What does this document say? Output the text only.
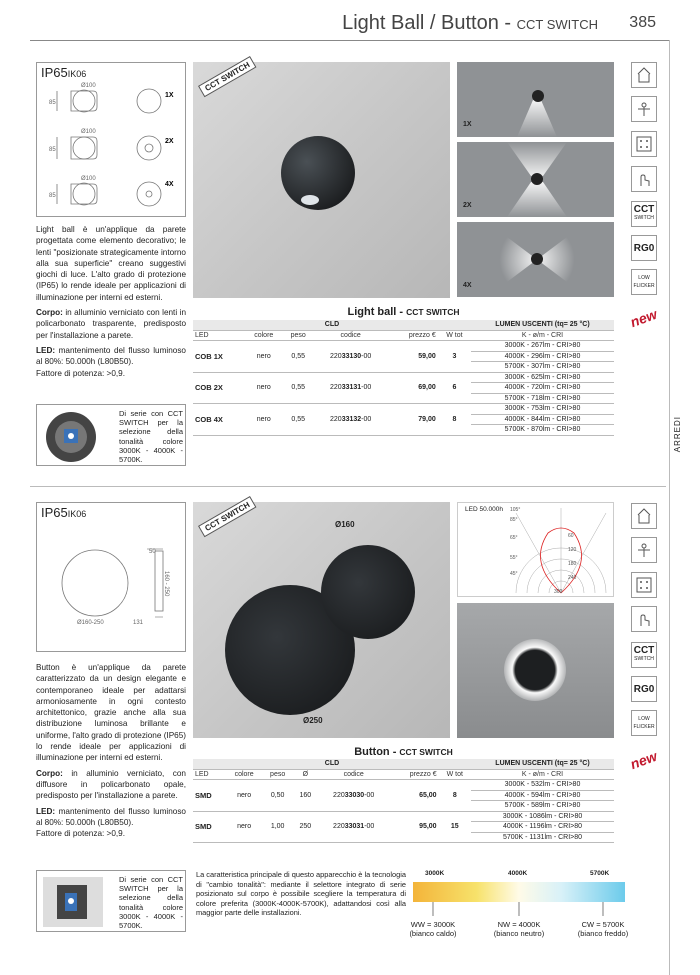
Light Ball / Button - CCT SWITCH 385
ARREDI
CCT
SWITCH
RG0
LOW
FLICKER
new
CCT
SWITCH
RG0
LOW
FLICKER
new
IP65IK06
Ø100
Ø100
Ø100
85
85
85
1X
2X
4X
Light ball è un'applique da parete progettata come elemento decorativo; le lenti "posizionate strategicamente intorno alla sua superficie" creano suggestivi giochi di luce. L'alto grado di protezione (IP65) lo rende ideale per applicazioni di illuminazione per interni ed esterni.
Corpo: in alluminio verniciato con lenti in policarbonato trasparente, predisposto per l'installazione a parete.
LED: mantenimento del flusso luminoso al 80%: 50.000h (L80B50).
Fattore di potenza: >0,9.
Di serie con CCT SWITCH per la selezione della tonalità colore 3000K - 4000K - 5700K.
CCT SWITCH
1X
2X
4X
Light ball - CCT SWITCH
CLD						LUMEN USCENTI (tq= 25 °C)
LED	colore	peso	codice	prezzo €	W tot	K - ø/m - CRI
COB 1X	nero	0,55	22033130-00	59,00	3	3000K - 267lm - CRI>80
						4000K - 296lm - CRI>80
						5700K - 307lm - CRI>80
COB 2X	nero	0,55	22033131-00	69,00	6	3000K - 625lm - CRI>80
						4000K - 720lm - CRI>80
						5700K - 718lm - CRI>80
COB 4X	nero	0,55	22033132-00	79,00	8	3000K - 753lm - CRI>80
						4000K - 844lm - CRI>80
						5700K - 870lm - CRI>80
IP65IK06
50
160 - 250
Ø160-250	131
Button è un'applique da parete caratterizzato da un design elegante e contemporaneo ideale per adattarsi armoniosamente in ogni contesto architettonico, grazie anche alla sua distribuzione luminosa brillante e uniforme, l'alto grado di protezione (IP65) lo rende ideale per applicazioni di illuminazione per interni ed esterni.
Corpo: in alluminio verniciato, con diffusore in policarbonato opale, predisposto per l'installazione a parete.
LED: mantenimento del flusso luminoso al 80%: 50.000h (L80B50).
Fattore di potenza: >0,9.
Ø160
Ø250
CCT SWITCH	LED 50.000h 105°
85°
65°
55°
45°
60
120
180
240
300
Button - CCT SWITCH
CLD							LUMEN USCENTI (tq= 25 °C)
LED	colore	peso	Ø	codice	prezzo €	W tot	K - ø/m - CRI
SMD	nero	0,50	160	22033030-00	65,00	8	3000K - 532lm - CRI>80
							4000K - 594lm - CRI>80
							5700K - 589lm - CRI>80
SMD	nero	1,00	250	22033031-00	95,00	15	3000K - 1086lm - CRI>80
							4000K - 1196lm - CRI>80
							5700K - 1131lm - CRI>80
Di serie con CCT SWITCH per la selezione della tonalità colore 3000K - 4000K - 5700K.
La caratteristica principale di questo apparecchio è la tecnologia di "cambio tonalità": mediante il selettore integrato di serie posizionato sul corpo è possibile scegliere la temperatura di colore preferita (3000K-4000K-5700K), adattandosi così alla maggior parte delle installazioni.
3000K	4000K	5700K
WW = 3000K
(bianco caldo)
NW = 4000K
(bianco neutro)
CW = 5700K
(bianco freddo)
